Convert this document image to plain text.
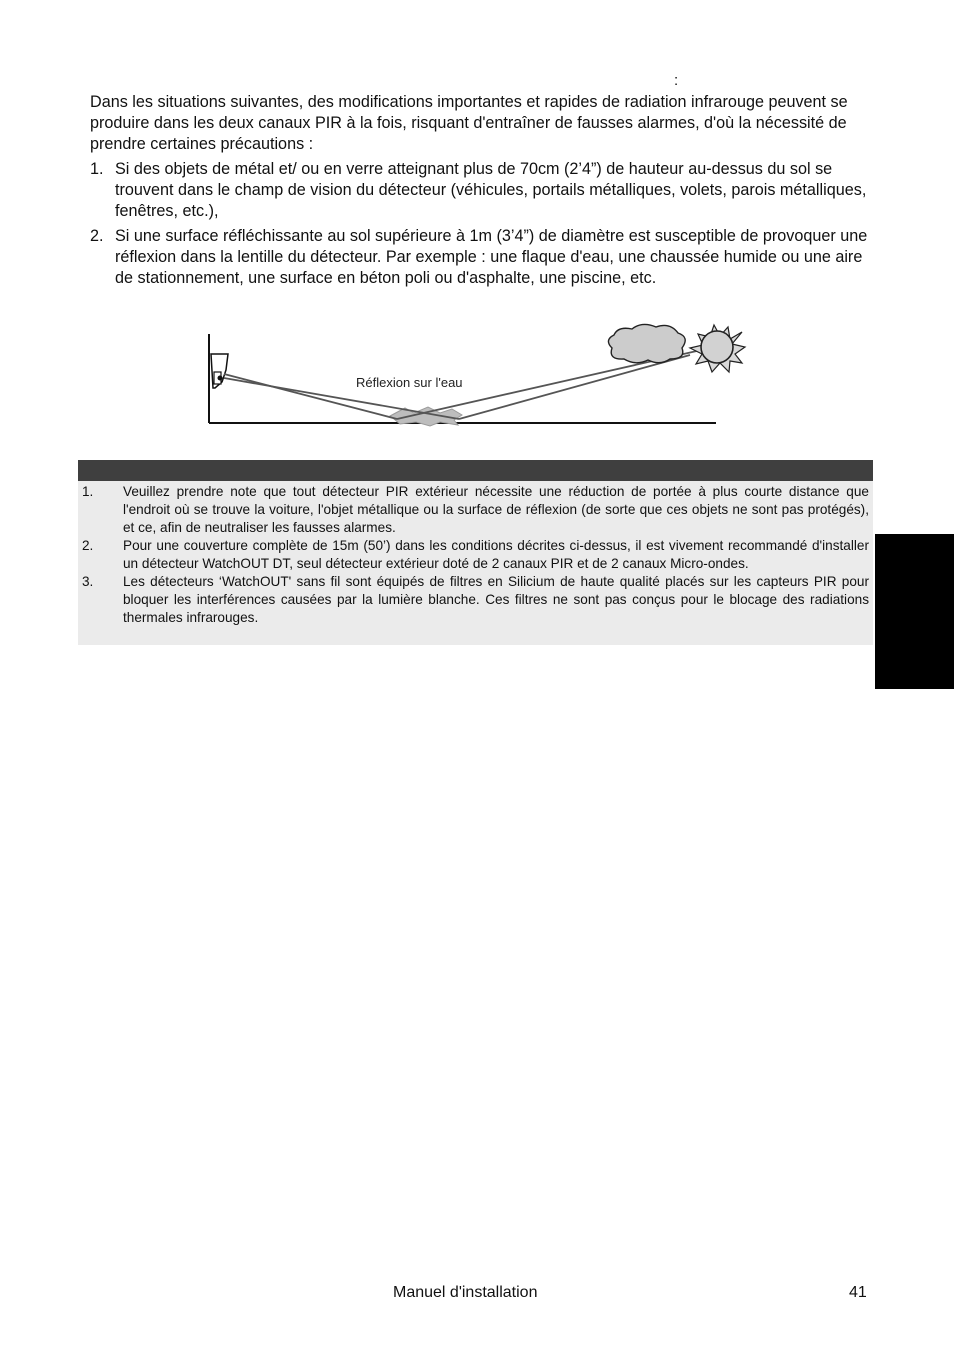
:

Dans les situations suivantes, des modifications importantes et rapides de radiation infrarouge peuvent se produire dans les deux canaux PIR à la fois, risquant d'entraîner de fausses alarmes, d'où la nécessité de prendre certaines précautions :

1. Si des objets de métal et/ ou en verre atteignant plus de 70cm (2’4”) de hauteur au-dessus du sol se trouvent dans le champ de vision du détecteur (véhicules, portails métalliques, volets, parois métalliques, fenêtres, etc.),
2. Si une surface réfléchissante au sol supérieure à 1m (3’4”) de diamètre est susceptible de provoquer une réflexion dans la lentille du détecteur. Par exemple : une flaque d'eau, une chaussée humide ou une aire de stationnement, une surface en béton poli ou d'asphalte, une piscine, etc.
Réflexion sur l'eau
1.	Veuillez prendre note que tout détecteur PIR extérieur nécessite une réduction de portée à plus courte distance que l'endroit où se trouve la voiture, l'objet métallique ou la surface de réflexion (de sorte que ces objets ne sont pas protégés), et ce, afin de neutraliser les fausses alarmes.
2.	Pour une couverture complète de 15m (50’) dans les conditions décrites ci-dessus, il est vivement recommandé d'installer un détecteur WatchOUT DT, seul détecteur extérieur doté de 2 canaux PIR et de 2 canaux Micro-ondes.
3.	Les détecteurs ‘WatchOUT' sans fil sont équipés de filtres en Silicium de haute qualité placés sur les capteurs PIR pour bloquer les interférences causées par la lumière blanche. Ces filtres ne sont pas conçus pour le blocage des radiations thermales infrarouges.
Manuel d'installation	41
